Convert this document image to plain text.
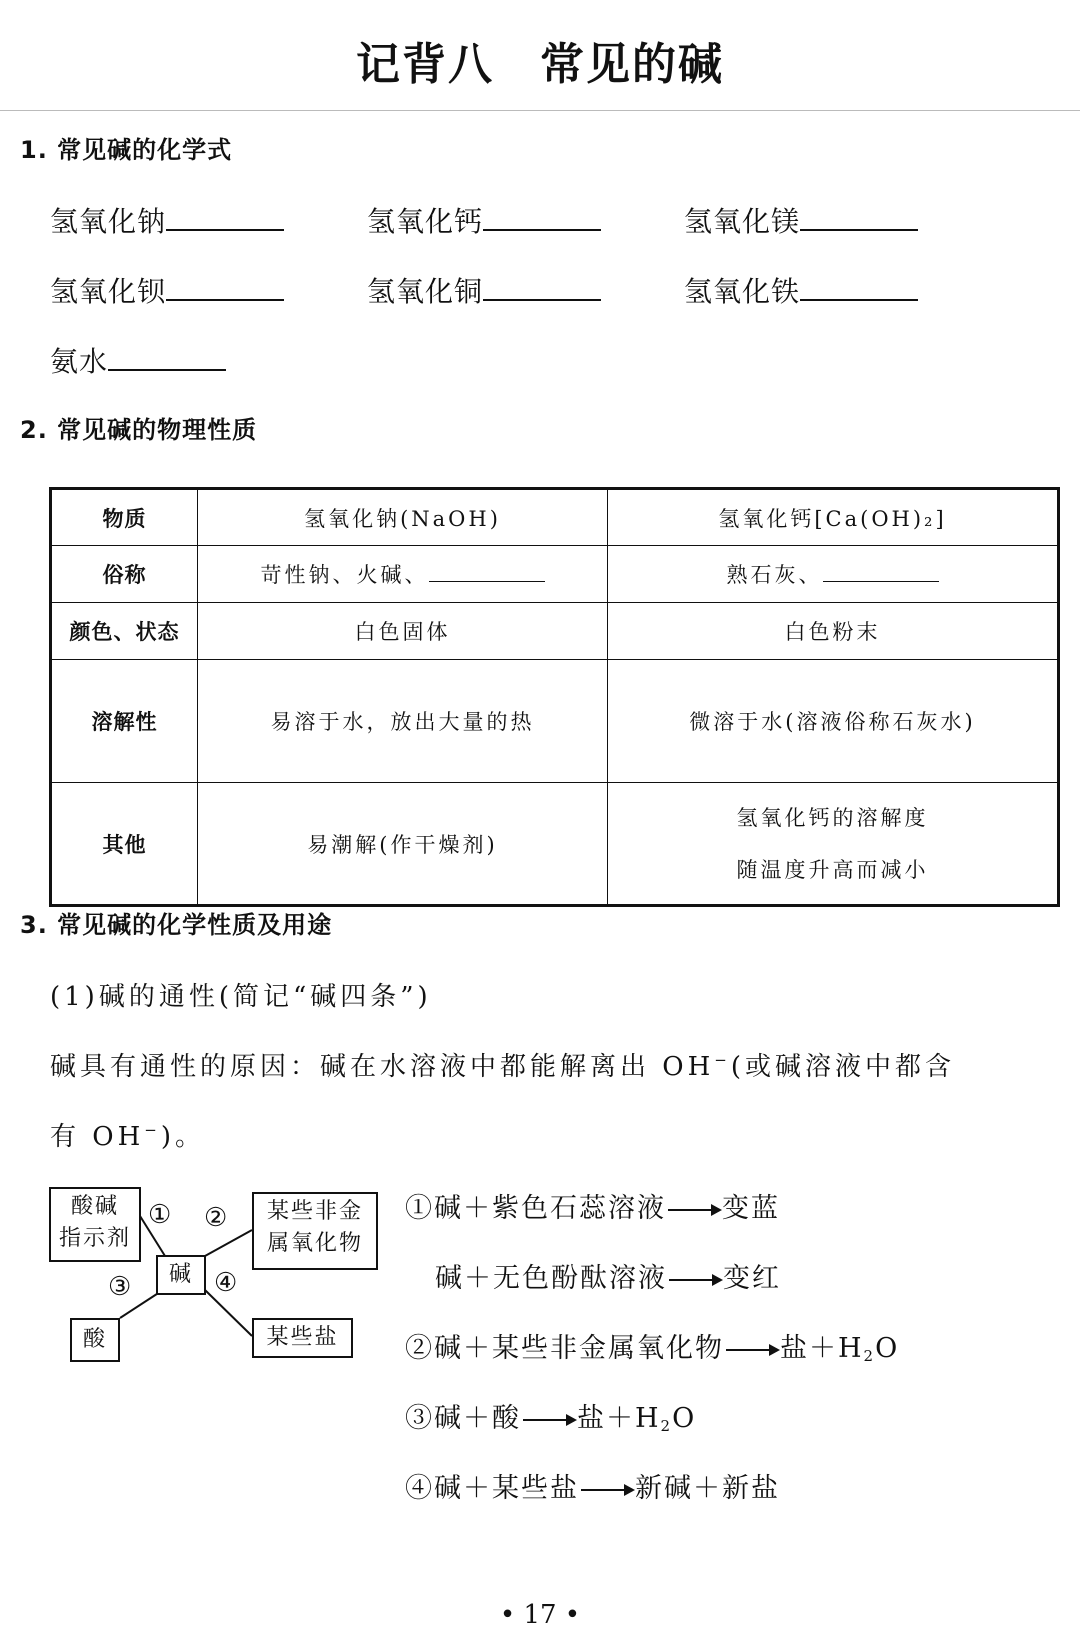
记背八　常见的碱
1. 常见碱的化学式
氢氧化钠	氢氧化钙	氢氧化镁
氢氧化钡	氢氧化铜	氢氧化铁
氨水
2. 常见碱的物理性质
物质	氢氧化钠(NaOH)	氢氧化钙[Ca(OH)₂]
俗称	苛性钠、火碱、	熟石灰、
颜色、状态	白色固体	白色粉末
溶解性	易溶于水，放出大量的热	微溶于水(溶液俗称石灰水)
其他	易潮解(作干燥剂)	氢氧化钙的溶解度
随温度升高而减小
3. 常见碱的化学性质及用途
(1)碱的通性(简记“碱四条”)
碱具有通性的原因：碱在水溶液中都能解离出 OH−(或碱溶液中都含
有 OH−)。
酸碱
指示剂
某些非金
属氧化物
碱
酸	某些盐
① ②
③	④
①碱＋紫色石蕊溶液 变蓝
碱＋无色酚酞溶液 变红
②碱＋某些非金属氧化物 盐$+H_2O$
③碱＋酸 盐$+H_2O$
④碱＋某些盐 新碱＋新盐
• 17 •
